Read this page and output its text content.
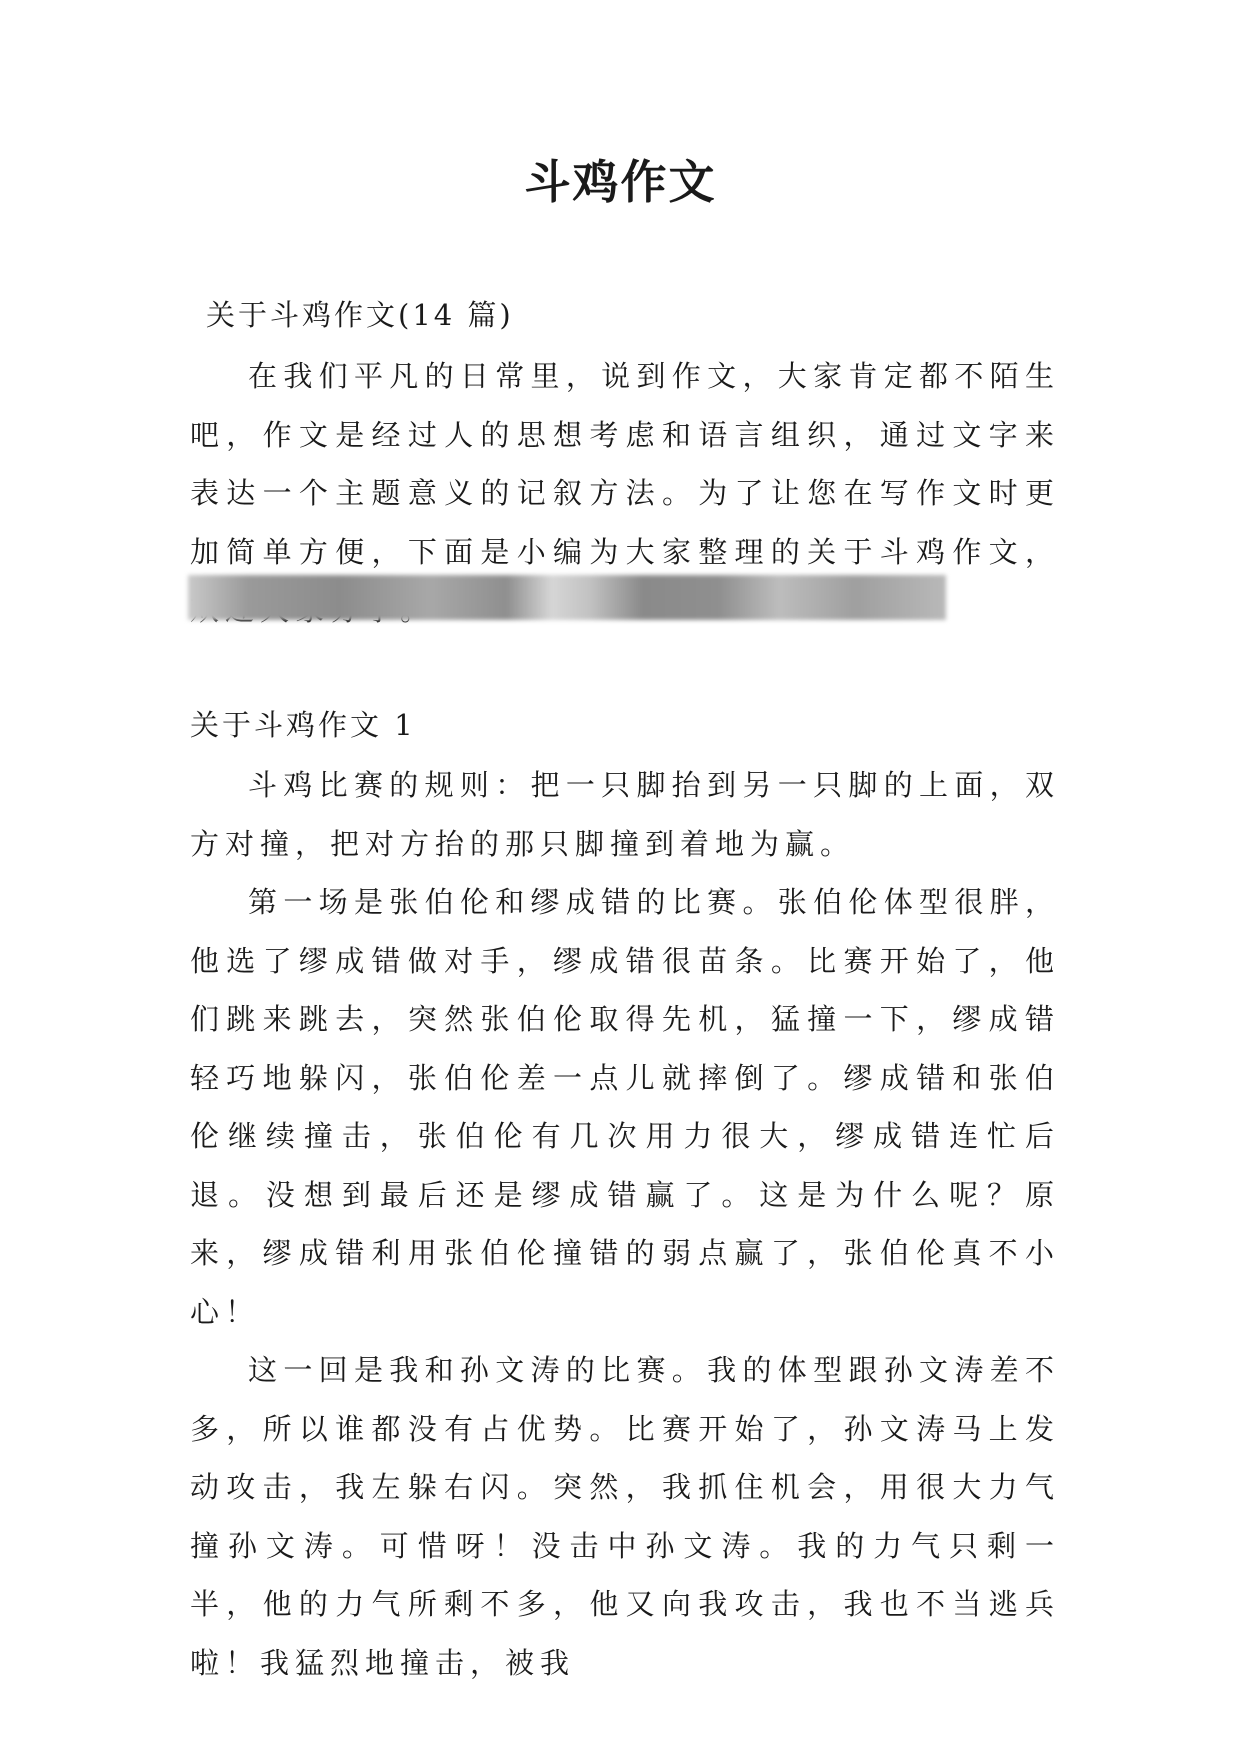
斗鸡作文
关于斗鸡作文(14 篇)

在我们平凡的日常里，说到作文，大家肯定都不陌生吧，作文是经过人的思想考虑和语言组织，通过文字来表达一个主题意义的记叙方法。为了让您在写作文时更加简单方便，下面是小编为大家整理的关于斗鸡作文，

关于斗鸡作文 1

斗鸡比赛的规则：把一只脚抬到另一只脚的上面，双方对撞，把对方抬的那只脚撞到着地为赢。

第一场是张伯伦和缪成错的比赛。张伯伦体型很胖，他选了缪成错做对手，缪成错很苗条。比赛开始了，他们跳来跳去，突然张伯伦取得先机，猛撞一下，缪成错轻巧地躲闪，张伯伦差一点儿就摔倒了。缪成错和张伯伦继续撞击，张伯伦有几次用力很大，缪成错连忙后退。没想到最后还是缪成错赢了。这是为什么呢？原来，缪成错利用张伯伦撞错的弱点赢了，张伯伦真不小心！

这一回是我和孙文涛的比赛。我的体型跟孙文涛差不多，所以谁都没有占优势。比赛开始了，孙文涛马上发动攻击，我左躲右闪。突然，我抓住机会，用很大力气撞孙文涛。可惜呀！没击中孙文涛。我的力气只剩一半，他的力气所剩不多，他又向我攻击，我也不当逃兵啦！我猛烈地撞击，被我
